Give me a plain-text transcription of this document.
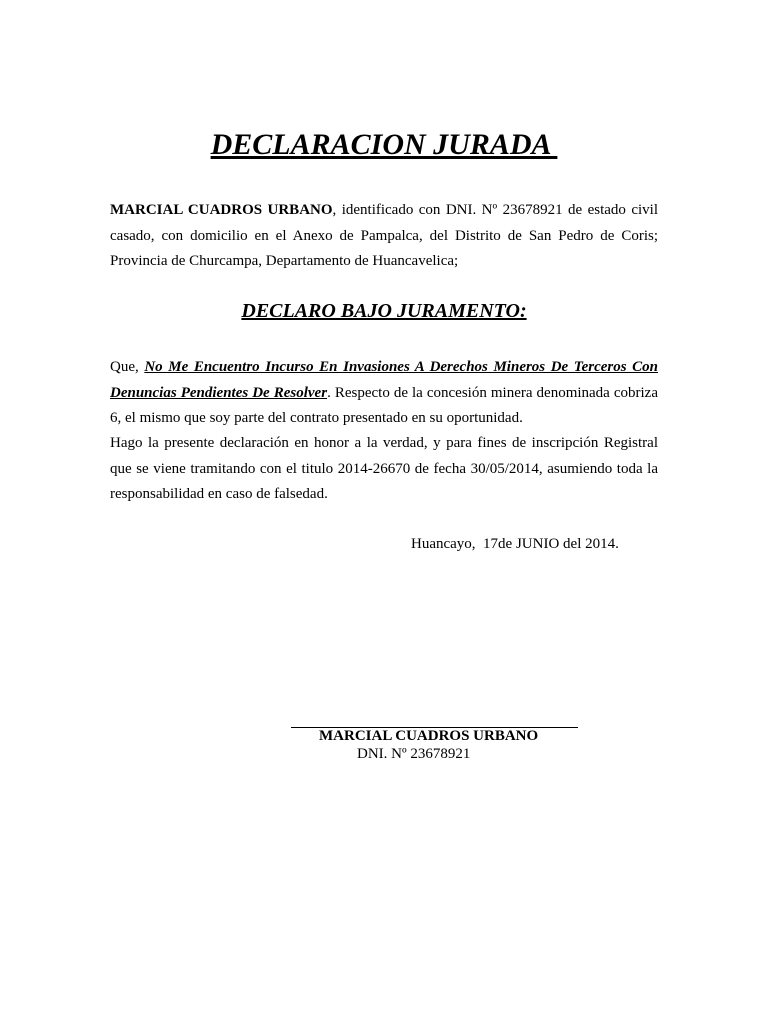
DECLARACION JURADA
MARCIAL CUADROS URBANO, identificado con DNI. Nº 23678921 de estado civil casado, con domicilio en el Anexo de Pampalca, del Distrito de San Pedro de Coris; Provincia de Churcampa, Departamento de Huancavelica;
DECLARO BAJO JURAMENTO:
Que, No Me Encuentro Incurso En Invasiones A Derechos Mineros De Terceros Con Denuncias Pendientes De Resolver. Respecto de la concesión minera denominada cobriza 6, el mismo que soy parte del contrato presentado en su oportunidad.
Hago la presente declaración en honor a la verdad, y para fines de inscripción Registral que se viene tramitando con el titulo 2014-26670 de fecha 30/05/2014, asumiendo toda la responsabilidad en caso de falsedad.
Huancayo,  17de JUNIO del 2014.
MARCIAL CUADROS URBANO
DNI. Nº 23678921
